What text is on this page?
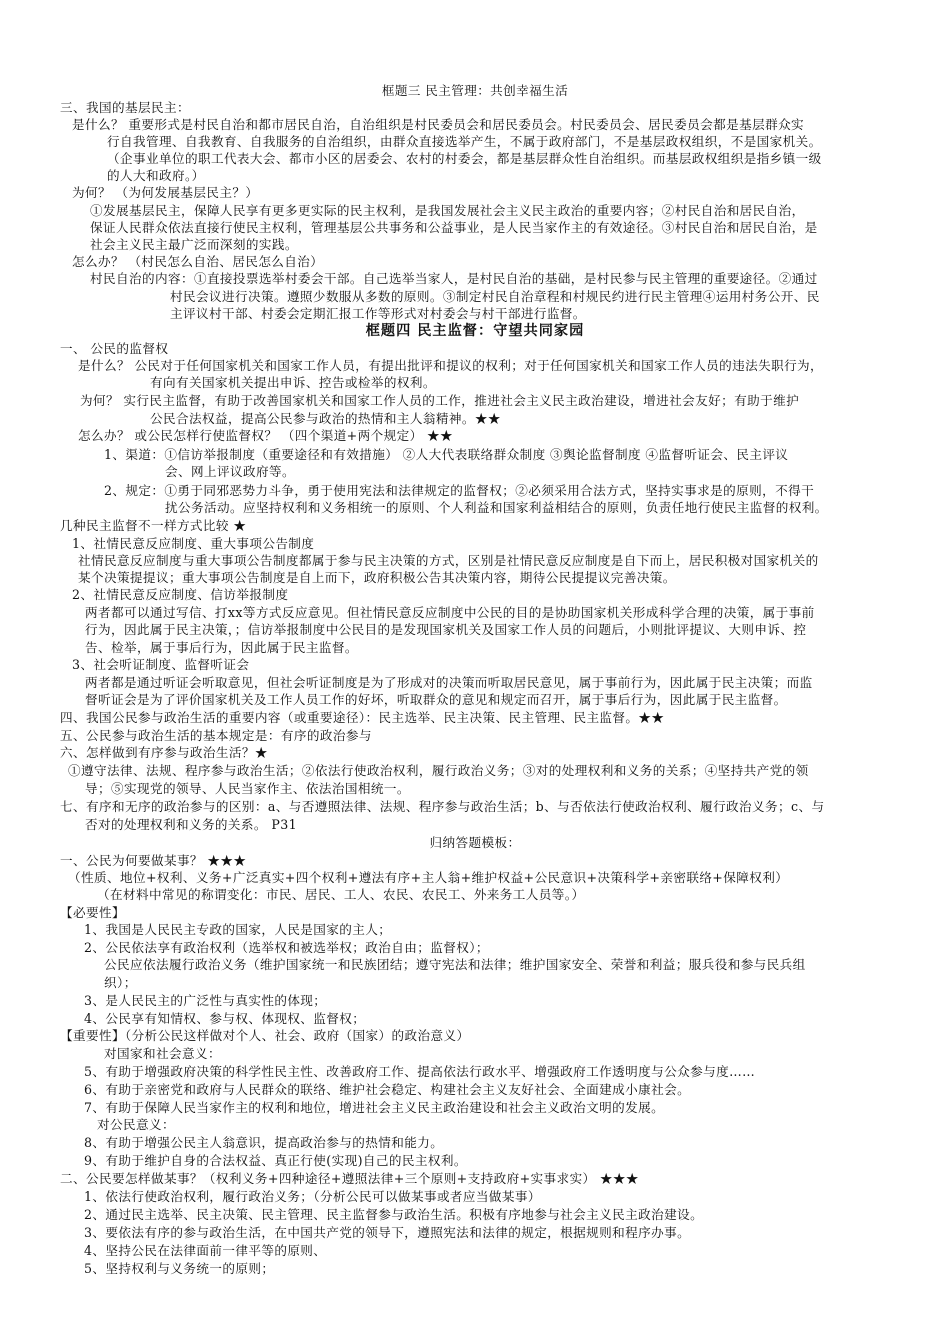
框题三 民主管理：共创幸福生活
三、我国的基层民主：
是什么？ 重要形式是村民自治和都市居民自治，自治组织是村民委员会和居民委员会。村民委员会、居民委员会都是基层群众实
行自我管理、自我教育、自我服务的自治组织，由群众直接选举产生，不属于政府部门，不是基层政权组织，不是国家机关。
（企事业单位的职工代表大会、都市小区的居委会、农村的村委会，都是基层群众性自治组织。而基层政权组织是指乡镇一级
的人大和政府。）
为何？ （为何发展基层民主？）
①发展基层民主，保障人民享有更多更实际的民主权利，是我国发展社会主义民主政治的重要内容；②村民自治和居民自治，
保证人民群众依法直接行使民主权利，管理基层公共事务和公益事业，是人民当家作主的有效途径。③村民自治和居民自治，是
社会主义民主最广泛而深刻的实践。
怎么办？ （村民怎么自治、居民怎么自治）
村民自治的内容：①直接投票选举村委会干部。自己选举当家人，是村民自治的基础，是村民参与民主管理的重要途径。②通过
村民会议进行决策。遵照少数服从多数的原则。③制定村民自治章程和村规民约进行民主管理④运用村务公开、民
主评议村干部、村委会定期汇报工作等形式对村委会与村干部进行监督。
框题四 民主监督：守望共同家园
一、 公民的监督权
是什么？ 公民对于任何国家机关和国家工作人员，有提出批评和提议的权利；对于任何国家机关和国家工作人员的违法失职行为，
有向有关国家机关提出申诉、控告或检举的权利。
为何？ 实行民主监督，有助于改善国家机关和国家工作人员的工作，推进社会主义民主政治建设，增进社会友好；有助于维护
公民合法权益，提高公民参与政治的热情和主人翁精神。★★
怎么办？ 或公民怎样行使监督权？ （四个渠道+两个规定） ★★
1、渠道：①信访举报制度（重要途径和有效措施） ②人大代表联络群众制度 ③舆论监督制度 ④监督听证会、民主评议
会、网上评议政府等。
2、规定：①勇于同邪恶势力斗争，勇于使用宪法和法律规定的监督权；②必须采用合法方式，坚持实事求是的原则，不得干
扰公务活动。应坚持权利和义务相统一的原则、个人利益和国家利益相结合的原则，负责任地行使民主监督的权利。
几种民主监督不一样方式比较 ★
1、社情民意反应制度、重大事项公告制度
社情民意反应制度与重大事项公告制度都属于参与民主决策的方式，区别是社情民意反应制度是自下而上，居民积极对国家机关的
某个决策提提议；重大事项公告制度是自上而下，政府积极公告其决策内容，期待公民提提议完善决策。
2、社情民意反应制度、信访举报制度
两者都可以通过写信、打xx等方式反应意见。但社情民意反应制度中公民的目的是协助国家机关形成科学合理的决策，属于事前
行为，因此属于民主决策，；信访举报制度中公民目的是发现国家机关及国家工作人员的问题后，小则批评提议、大则申诉、控
告、检举，属于事后行为，因此属于民主监督。
3、社会听证制度、监督听证会
两者都是通过听证会听取意见，但社会听证制度是为了形成对的决策而听取居民意见，属于事前行为，因此属于民主决策；而监
督听证会是为了评价国家机关及工作人员工作的好坏，听取群众的意见和规定而召开，属于事后行为，因此属于民主监督。
四、我国公民参与政治生活的重要内容（或重要途径）：民主选举、民主决策、民主管理、民主监督。★★
五、公民参与政治生活的基本规定是：有序的政治参与
六、怎样做到有序参与政治生活？★
①遵守法律、法规、程序参与政治生活；②依法行使政治权利，履行政治义务；③对的处理权利和义务的关系；④坚持共产党的领
导；⑤实现党的领导、人民当家作主、依法治国相统一。
七、有序和无序的政治参与的区别：a、与否遵照法律、法规、程序参与政治生活；b、与否依法行使政治权利、履行政治义务；c、与
否对的处理权利和义务的关系。 P31
归纳答题模板：
一、公民为何要做某事？ ★★★
（性质、地位+权利、义务+广泛真实+四个权利+遵法有序+主人翁+维护权益+公民意识+决策科学+亲密联络+保障权利）
（在材料中常见的称谓变化：市民、居民、工人、农民、农民工、外来务工人员等。）
【必要性】
1、我国是人民民主专政的国家，人民是国家的主人；
2、公民依法享有政治权利（选举权和被选举权；政治自由；监督权）；
公民应依法履行政治义务（维护国家统一和民族团结；遵守宪法和法律；维护国家安全、荣誉和利益；服兵役和参与民兵组
织）；
3、是人民民主的广泛性与真实性的体现；
4、公民享有知情权、参与权、体现权、监督权；
【重要性】（分析公民这样做对个人、社会、政府（国家）的政治意义）
对国家和社会意义：
5、有助于增强政府决策的科学性民主性、改善政府工作、提高依法行政水平、增强政府工作透明度与公众参与度……
6、有助于亲密党和政府与人民群众的联络、维护社会稳定、构建社会主义友好社会、全面建成小康社会。
7、有助于保障人民当家作主的权利和地位，增进社会主义民主政治建设和社会主义政治文明的发展。
对公民意义：
8、有助于增强公民主人翁意识，提高政治参与的热情和能力。
9、有助于维护自身的合法权益、真正行使(实现)自己的民主权利。
二、公民要怎样做某事？（权利义务+四种途径+遵照法律+三个原则+支持政府+实事求实） ★★★
1、依法行使政治权利，履行政治义务；（分析公民可以做某事或者应当做某事）
2、通过民主选举、民主决策、民主管理、民主监督参与政治生活。积极有序地参与社会主义民主政治建设。
3、要依法有序的参与政治生活，在中国共产党的领导下，遵照宪法和法律的规定，根据规则和程序办事。
4、坚持公民在法律面前一律平等的原则、
5、坚持权利与义务统一的原则；
